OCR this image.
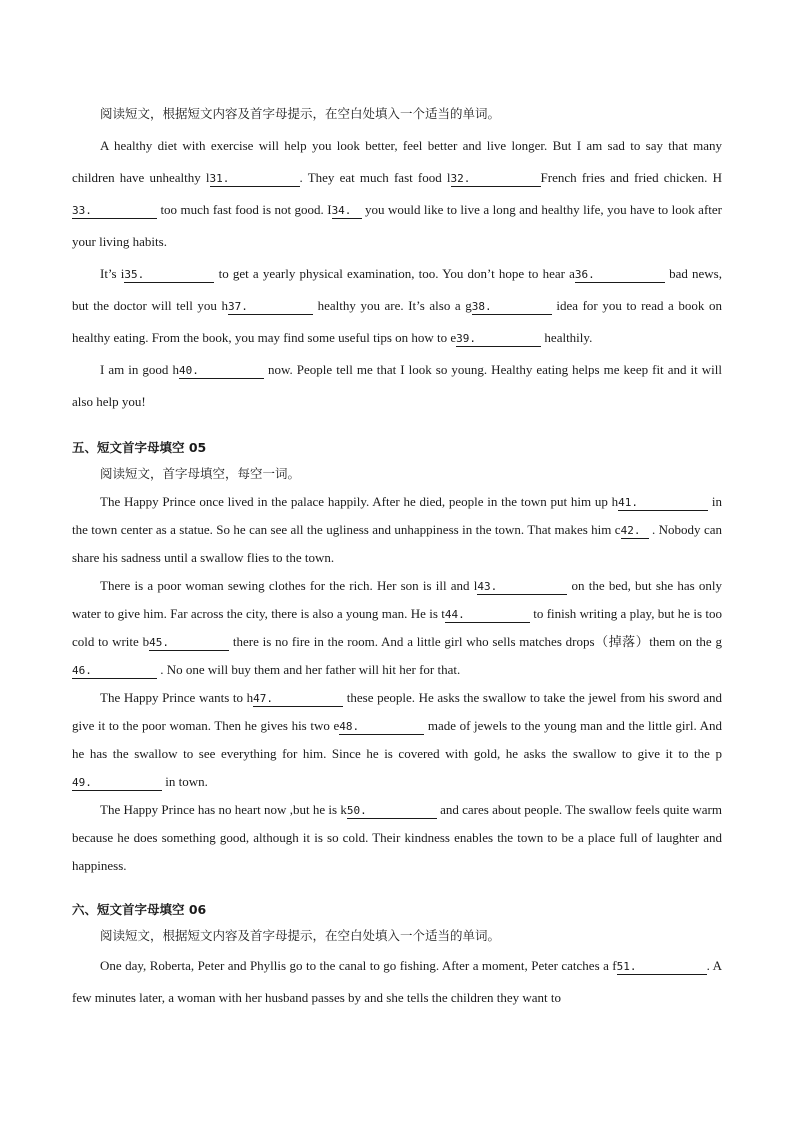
阅读短文，根据短文内容及首字母提示，在空白处填入一个适当的单词。

A healthy diet with exercise will help you look better, feel better and live longer. But I am sad to say that many children have unhealthy l31.	. They eat much fast food l32.	French fries and fried chicken. H33.	too much fast food is not good. I34. you would like to live a long and healthy life, you have to look after your living habits.

It’s i35.	to get a yearly physical examination, too. You don’t hope to hear a36.	bad news, but the doctor will tell you h37.	healthy you are. It’s also a g38.	idea for you to read a book on healthy eating. From the book, you may find some useful tips on how to e39.	healthily.

I am in good h40.	now. People tell me that I look so young. Healthy eating helps me keep fit and it will also help you!

五、短文首字母填空 05

阅读短文，首字母填空，每空一词。

The Happy Prince once lived in the palace happily. After he died, people in the town put him up h41.	in the town center as a statue. So he can see all the ugliness and unhappiness in the town. That makes him c42. . Nobody can share his sadness until a swallow flies to the town.

There is a poor woman sewing clothes for the rich. Her son is ill and l43.	on the bed, but she has only water to give him. Far across the city, there is also a young man. He is t44.	to finish writing a play, but he is too cold to write b45.	there is no fire in the room. And a little girl who sells matches drops（掉落）them on the g46.	. No one will buy them and her father will hit her for that.

The Happy Prince wants to h47.	these people. He asks the swallow to take the jewel from his sword and give it to the poor woman. Then he gives his two e48.	made of jewels to the young man and the little girl. And he has the swallow to see everything for him. Since he is covered with gold, he asks the swallow to give it to the p49.	in town.

The Happy Prince has no heart now ,but he is k50.	and cares about people. The swallow feels quite warm because he does something good, although it is so cold. Their kindness enables the town to be a place full of laughter and happiness.

六、短文首字母填空 06

阅读短文，根据短文内容及首字母提示，在空白处填入一个适当的单词。

One day, Roberta, Peter and Phyllis go to the canal to go fishing. After a moment, Peter catches a f51.	. A few minutes later, a woman with her husband passes by and she tells the children they want to
